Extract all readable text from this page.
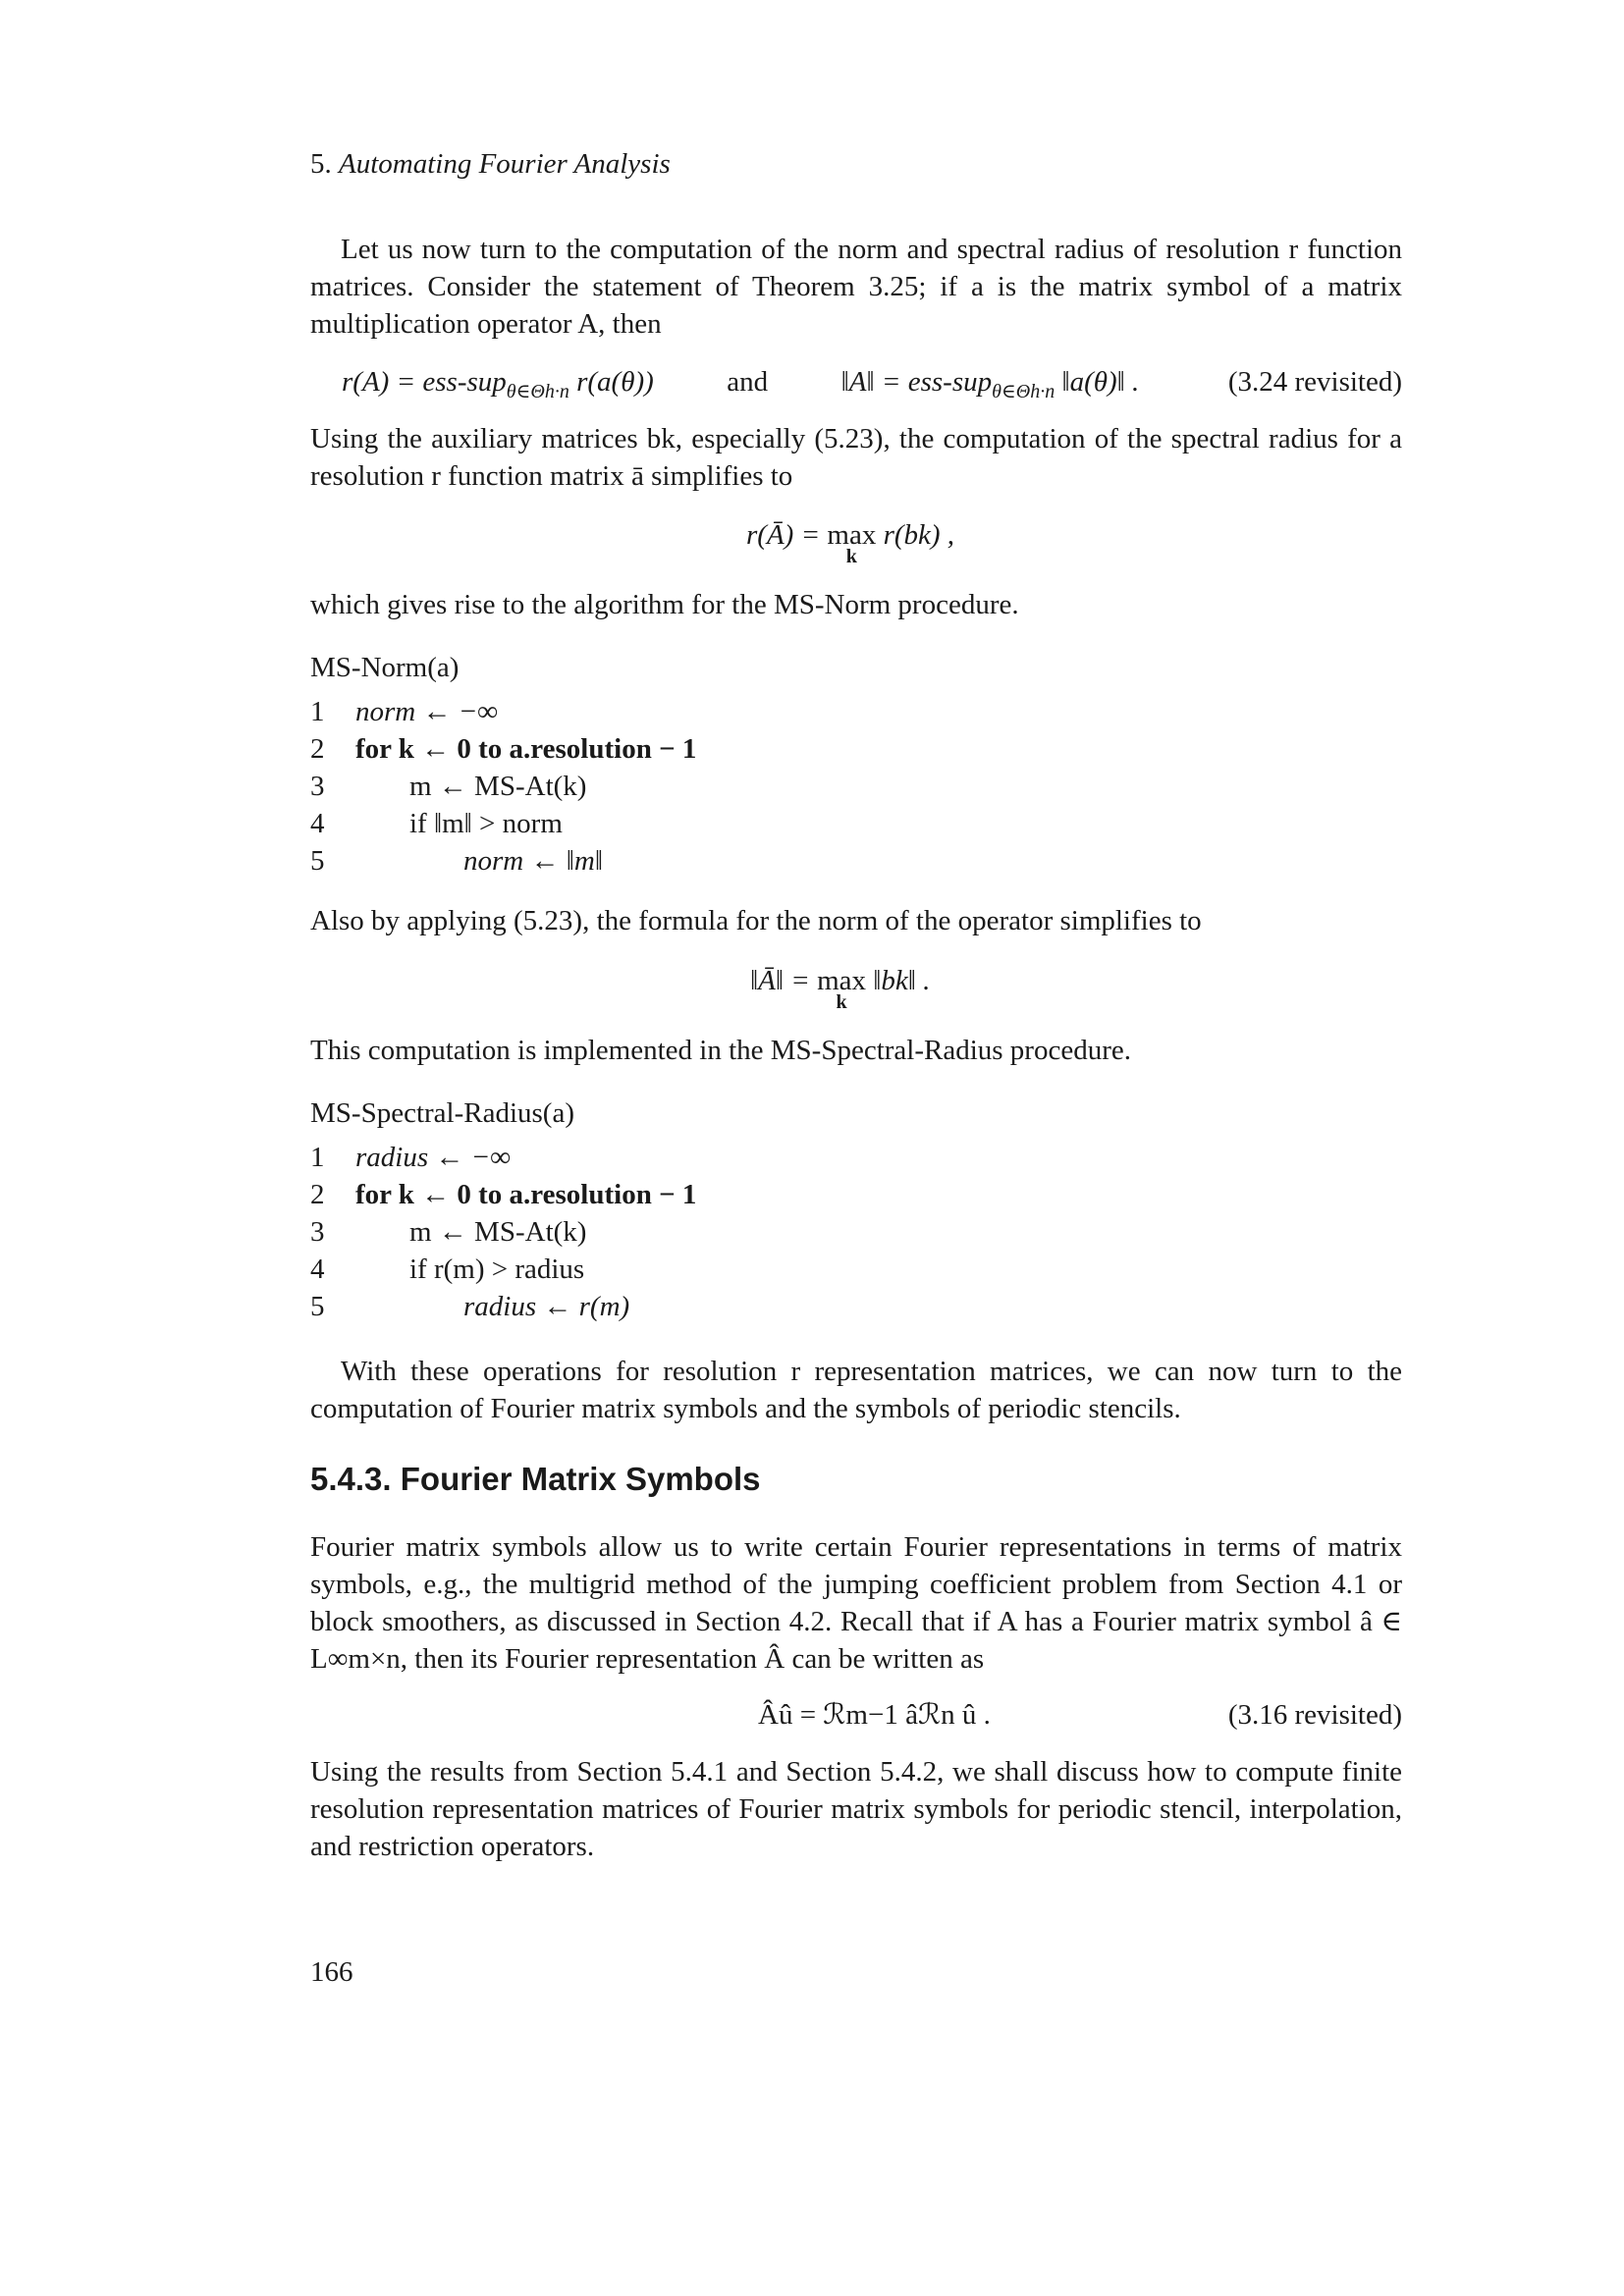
5. Automating Fourier Analysis

Let us now turn to the computation of the norm and spectral radius of resolution r function matrices. Consider the statement of Theorem 3.25; if a is the matrix symbol of a matrix multiplication operator A, then

r(A) = ess-sup$_{\theta\in\Theta h\cdot n}$ r(a(θ))	and	‖A‖ = ess-sup$_{\theta\in\Theta h\cdot n}$ ‖a(θ)‖ .	(3.24 revisited)

Using the auxiliary matrices bk, especially (5.23), the computation of the spectral radius for a resolution r function matrix ā simplifies to

r(Ā) = max
k
r(bk) ,

which gives rise to the algorithm for the MS-Norm procedure.

MS-Norm(a)
1 norm ← −∞
2 for k ← 0 to a.resolution − 1
3	m ← MS-At(k)
4	if ‖m‖ > norm
5	norm ← ‖m‖

Also by applying (5.23), the formula for the norm of the operator simplifies to

‖Ā‖ = max
k
‖bk‖ .

This computation is implemented in the MS-Spectral-Radius procedure.

MS-Spectral-Radius(a)
1 radius ← −∞
2 for k ← 0 to a.resolution − 1
3	m ← MS-At(k)
4	if r(m) > radius
5	radius ← r(m)

With these operations for resolution r representation matrices, we can now turn to the computation of Fourier matrix symbols and the symbols of periodic stencils.

5.4.3. Fourier Matrix Symbols

Fourier matrix symbols allow us to write certain Fourier representations in terms of matrix symbols, e.g., the multigrid method of the jumping coefficient problem from Section 4.1 or block smoothers, as discussed in Section 4.2. Recall that if A has a Fourier matrix symbol â ∈ L∞m×n, then its Fourier representation Â can be written as

Âû = ℛm−1 âℛn û .	(3.16 revisited)

Using the results from Section 5.4.1 and Section 5.4.2, we shall discuss how to compute finite resolution representation matrices of Fourier matrix symbols for periodic stencil, interpolation, and restriction operators.

166
